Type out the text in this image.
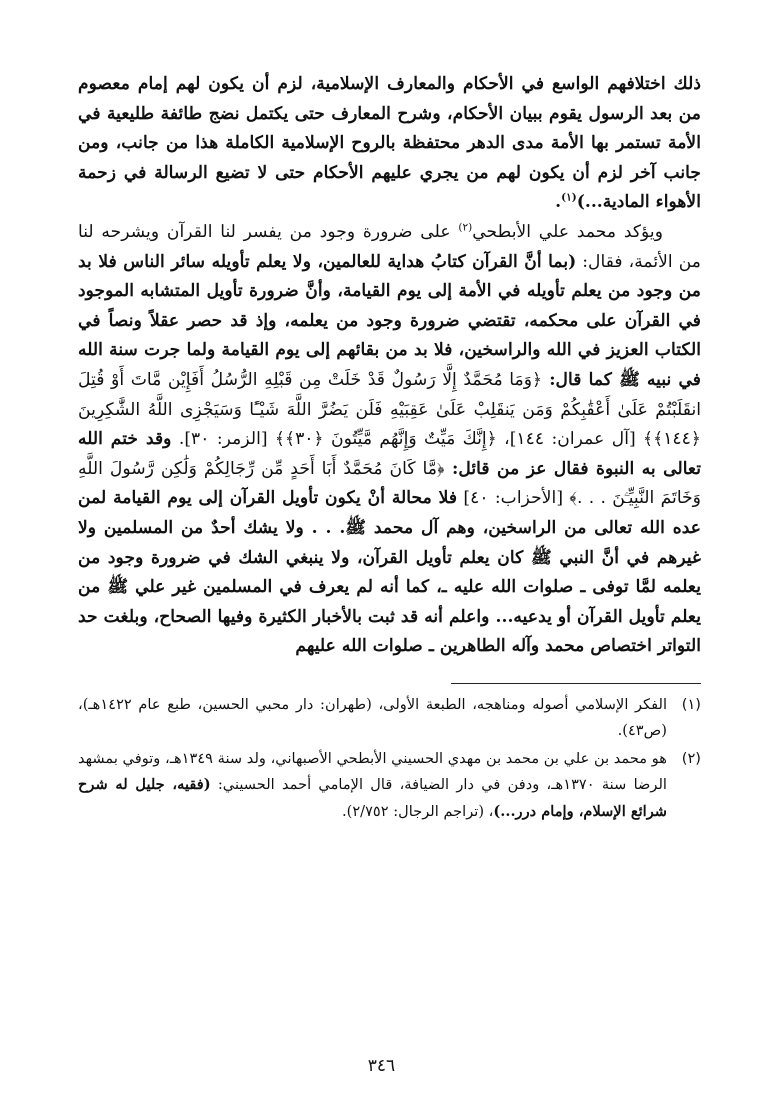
ذلك اختلافهم الواسع في الأحكام والمعارف الإسلامية، لزم أن يكون لهم إمام معصوم من بعد الرسول يقوم ببيان الأحكام، وشرح المعارف حتى يكتمل نضج طائفة طليعية في الأمة تستمر بها الأمة مدى الدهر محتفظة بالروح الإسلامية الكاملة هذا من جانب، ومن جانب آخر لزم أن يكون لهم من يجري عليهم الأحكام حتى لا تضيع الرسالة في زحمة الأهواء المادية...)$^{(١)}$.

ويؤكد محمد علي الأبطحي$^{(٢)}$ على ضرورة وجود من يفسر لنا القرآن ويشرحه لنا من الأئمة، فقال: (بما أنَّ القرآن كتابُ هداية للعالمين، ولا يعلم تأويله سائر الناس فلا بد من وجود من يعلم تأويله في الأمة إلى يوم القيامة، وأنَّ ضرورة تأويل المتشابه الموجود في القرآن على محكمه، تقتضي ضرورة وجود من يعلمه، وإذ قد حصر عقلاً ونصاً في الكتاب العزيز في الله والراسخين، فلا بد من بقائهم إلى يوم القيامة ولما جرت سنة الله في نبيه ﷺ كما قال: ﴿وَمَا مُحَمَّدٌ إِلَّا رَسُولٌ قَدْ خَلَتْ مِن قَبْلِهِ الرُّسُلُ أَفَإِيْن مَّاتَ أَوْ قُتِلَ انقَلَبْتُمْ عَلَىٰ أَعْقَٰبِكُمْ وَمَن يَنقَلِبْ عَلَىٰ عَقِبَيْهِ فَلَن يَضُرَّ اللَّهَ شَيْـًٔا وَسَيَجْزِى اللَّهُ الشَّٰكِرِينَ ﴿١٤٤﴾﴾ [آل عمران: ١٤٤]، ﴿إِنَّكَ مَيِّتٌ وَإِنَّهُم مَّيِّتُونَ ﴿٣٠﴾﴾ [الزمر: ٣٠]. وقد ختم الله تعالى به النبوة فقال عز من قائل: ﴿مَّا كَانَ مُحَمَّدٌ أَبَا أَحَدٍ مِّن رِّجَالِكُمْ وَلَٰكِن رَّسُولَ اللَّهِ وَخَاتَمَ النَّبِيِّـۧنَ . . .﴾ [الأحزاب: ٤٠] فلا محالة أنْ يكون تأويل القرآن إلى يوم القيامة لمن عده الله تعالى من الراسخين، وهم آل محمد ﷺ. . . ولا يشك أحدٌ من المسلمين ولا غيرهم في أنَّ النبي ﷺ كان يعلم تأويل القرآن، ولا ينبغي الشك في ضرورة وجود من يعلمه لمَّا توفى ـ صلوات الله عليه ـ، كما أنه لم يعرف في المسلمين غير علي ﷺ من يعلم تأويل القرآن أو يدعيه... واعلم أنه قد ثبت بالأخبار الكثيرة وفيها الصحاح، وبلغت حد التواتر اختصاص محمد وآله الطاهرين ـ صلوات الله عليهم

(١)
الفكر الإسلامي أصوله ومناهجه، الطبعة الأولى، (طهران: دار محبي الحسين، طبع عام ١٤٢٢هـ)، (ص٤٣).
(٢)
هو محمد بن علي بن محمد بن مهدي الحسيني الأبطحي الأصبهاني، ولد سنة ١٣٤٩هـ، وتوفي بمشهد الرضا سنة ١٣٧٠هـ، ودفن في دار الضيافة، قال الإمامي أحمد الحسيني: (فقيه، جليل له شرح شرائع الإسلام، وإمام درر...)، (تراجم الرجال: ٢/٧٥٢).
٣٤٦
